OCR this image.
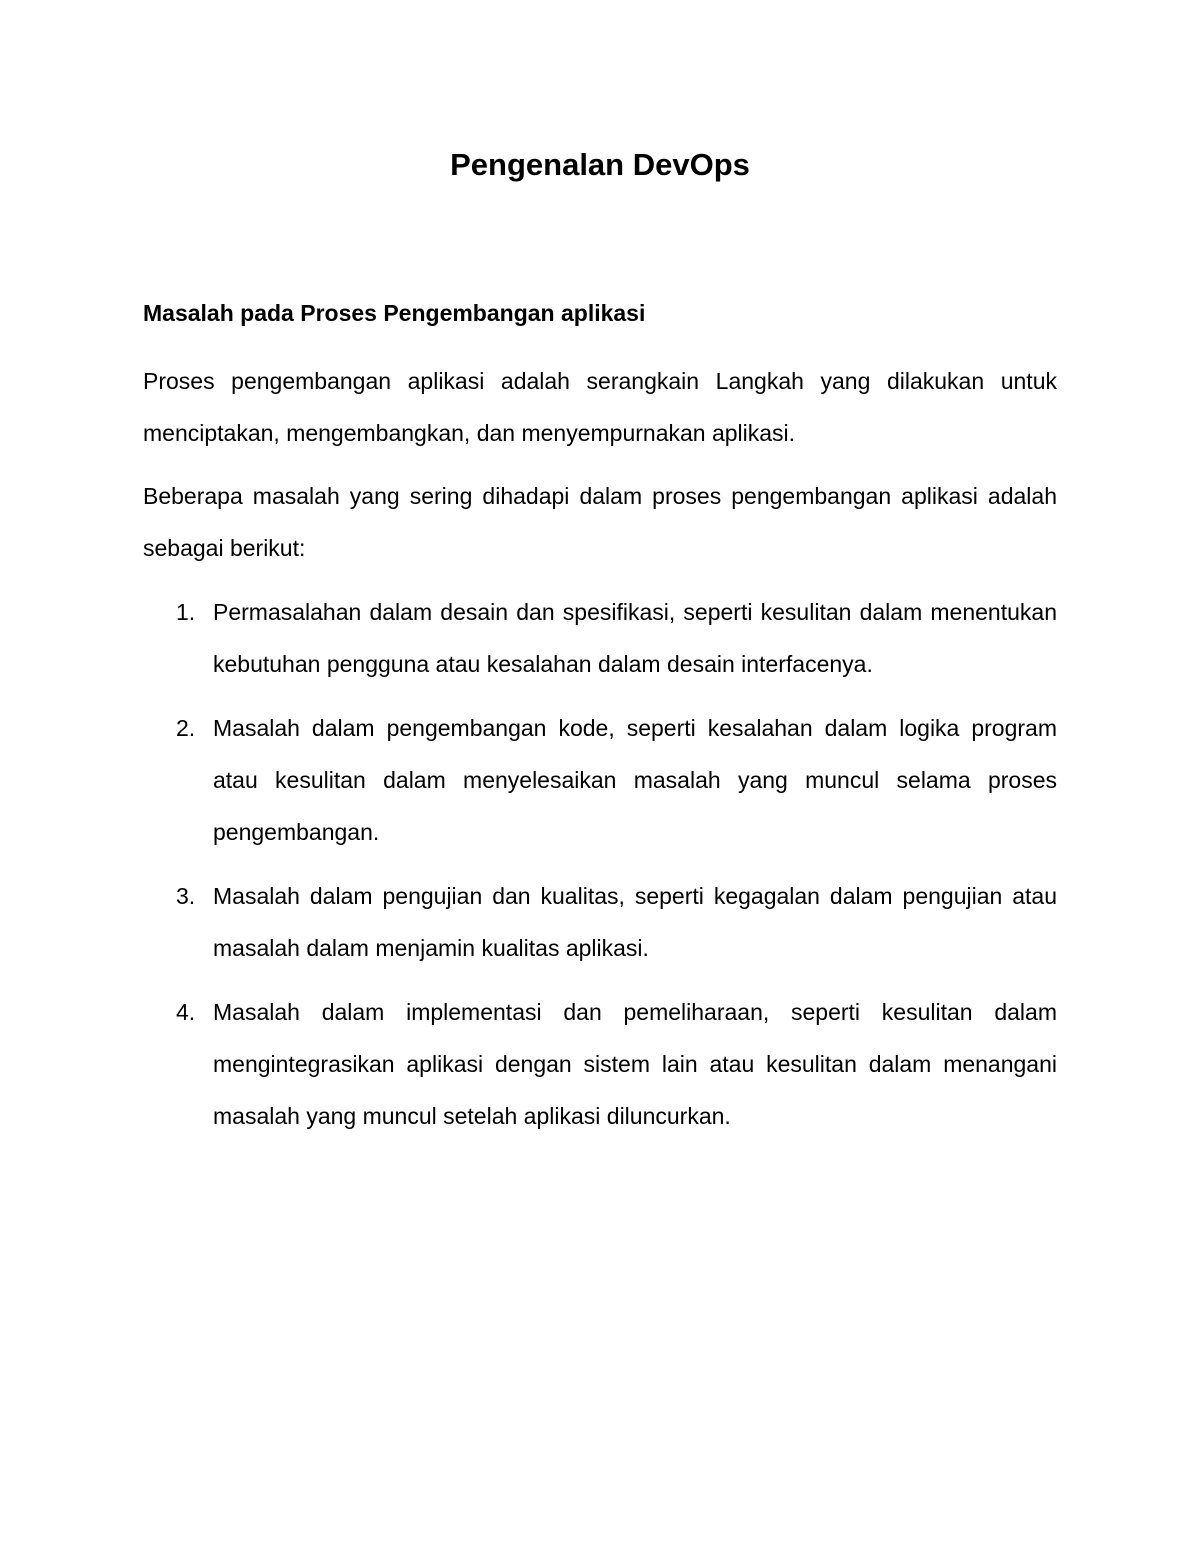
Pengenalan DevOps
Masalah pada Proses Pengembangan aplikasi

Proses pengembangan aplikasi adalah serangkain Langkah yang dilakukan untuk menciptakan, mengembangkan, dan menyempurnakan aplikasi.

Beberapa masalah yang sering dihadapi dalam proses pengembangan aplikasi adalah sebagai berikut:

1. Permasalahan dalam desain dan spesifikasi, seperti kesulitan dalam menentukan kebutuhan pengguna atau kesalahan dalam desain interfacenya.
2. Masalah dalam pengembangan kode, seperti kesalahan dalam logika program atau kesulitan dalam menyelesaikan masalah yang muncul selama proses pengembangan.
3. Masalah dalam pengujian dan kualitas, seperti kegagalan dalam pengujian atau masalah dalam menjamin kualitas aplikasi.
4. Masalah dalam implementasi dan pemeliharaan, seperti kesulitan dalam mengintegrasikan aplikasi dengan sistem lain atau kesulitan dalam menangani masalah yang muncul setelah aplikasi diluncurkan.
